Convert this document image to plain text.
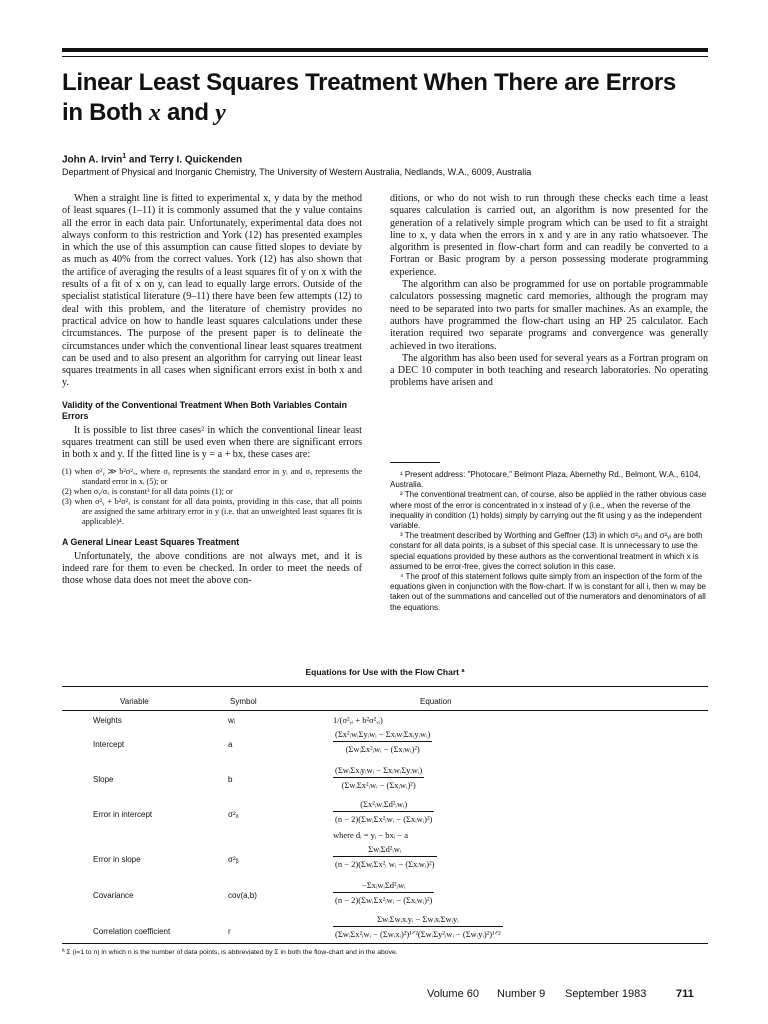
Linear Least Squares Treatment When There are Errors
in Both x and y
John A. Irvin$^1$ and Terry I. Quickenden
Department of Physical and Inorganic Chemistry, The University of Western Australia, Nedlands, W.A., 6009, Australia

When a straight line is fitted to experimental x, y data by the method of least squares (1–11) it is commonly assumed that the y value contains all the error in each data pair. Unfortunately, experimental data does not always conform to this restriction and York (12) has presented examples in which the use of this assumption can cause fitted slopes to deviate by as much as 40% from the correct values. York (12) has also shown that the artifice of averaging the results of a least squares fit of y on x with the results of a fit of x on y, can lead to equally large errors. Outside of the specialist statistical literature (9–11) there have been few attempts (12) to deal with this problem, and the literature of chemistry provides no practical advice on how to handle least squares calculations under these circumstances. The purpose of the present paper is to delineate the circumstances under which the conventional linear least squares treatment can be used and to also present an algorithm for carrying out linear least squares treatments in all cases when significant errors exist in both x and y.

Validity of the Conventional Treatment When Both Variables Contain Errors

It is possible to list three cases² in which the conventional linear least squares treatment can still be used even when there are significant errors in both x and y. If the fitted line is y = a + bx, these cases are:

(1) when σ²ᵧ ≫ b²σ²ₓ, where σᵧ represents the standard error in yᵢ and σₓ represents the standard error in xᵢ (5); or
(2) when σᵧ/σₓ is constant³ for all data points (1); or
(3) when σ²ᵧ + b²σ²ₓ is constant for all data points, providing in this case, that all points are assigned the same arbitrary error in y (i.e. that an unweighted least squares fit is applicable)⁴.
A General Linear Least Squares Treatment

Unfortunately, the above conditions are not always met, and it is indeed rare for them to even be checked. In order to meet the needs of those whose data does not meet the above con-

ditions, or who do not wish to run through these checks each time a least squares calculation is carried out, an algorithm is now presented for the generation of a relatively simple program which can be used to fit a straight line to x, y data when the errors in x and y are in any ratio whatsoever. The algorithm is presented in flow-chart form and can readily be converted to a Fortran or Basic program by a person possessing moderate programming experience.

The algorithm can also be programmed for use on portable programmable calculators possessing magnetic card memories, although the program may need to be separated into two parts for smaller machines. As an example, the authors have programmed the flow-chart using an HP 25 calculator. Each iteration required two separate programs and convergence was generally achieved in two iterations.

The algorithm has also been used for several years as a Fortran program on a DEC 10 computer in both teaching and research laboratories. No operating problems have arisen and

¹ Present address: "Photocare," Belmont Plaza, Abernethy Rd., Belmont, W.A., 6104, Australia.

² The conventional treatment can, of course, also be applied in the rather obvious case where most of the error is concentrated in x instead of y (i.e., when the reverse of the inequality in condition (1) holds) simply by carrying out the fit using y as the independent variable.

³ The treatment described by Worthing and Geffner (13) in which σ²ₓᵢ and σ²ᵧᵢ are both constant for all data points, is a subset of this special case. It is unnecessary to use the special equations provided by these authors as the conventional treatment in which x is assumed to be error-free, gives the correct solution in this case.

⁴ The proof of this statement follows quite simply from an inspection of the form of the equations given in conjunction with the flow-chart. If wᵢ is constant for all i, then wᵢ may be taken out of the summations and cancelled out of the numerators and denominators of all the equations.

Equations for Use with the Flow Chart ª
Variable	Symbol	Equation
Weights	wᵢ	1/(σ²ᵧᵢ + b²σ²ₓᵢ)
Intercept	a	$\frac{\text{(Σx²ᵢwᵢΣyᵢwᵢ − ΣxᵢwᵢΣxᵢyᵢwᵢ)}}{\text{(ΣwᵢΣx²ᵢwᵢ − (Σxᵢwᵢ)²)}}$
Slope	b	$\frac{\text{(ΣwᵢΣxᵢyᵢwᵢ − ΣxᵢwᵢΣyᵢwᵢ)}}{\text{(ΣwᵢΣx²ᵢwᵢ − (Σxᵢwᵢ)²)}}$
Error in intercept	σ²ₐ	$\frac{\text{(Σx²ᵢwᵢΣd²ᵢwᵢ)}}{\text{(n − 2)(ΣwᵢΣx²ᵢwᵢ − (Σxᵢwᵢ)²)}}$
where dᵢ = yᵢ − bxᵢ − a
Error in slope	σ²ᵦ	$\frac{\text{ΣwᵢΣd²ᵢwᵢ}}{\text{(n − 2)(ΣwᵢΣx²ᵢ wᵢ − (Σxᵢwᵢ)²)}}$
Covariance	cov(a,b)	$\frac{\text{−ΣxᵢwᵢΣd²ᵢwᵢ}}{\text{(n − 2)(ΣwᵢΣx²ᵢwᵢ − (Σxᵢwᵢ)²)}}$
Correlation coefficient	r	$\frac{\text{ΣwᵢΣwᵢxᵢyᵢ − ΣwᵢxᵢΣwᵢyᵢ}}{\text{(ΣwᵢΣx²ᵢwᵢ − (Σwᵢxᵢ)²)¹ᐟ²(ΣwᵢΣy²ᵢwᵢ − (Σwᵢyᵢ)²)¹ᐟ²}}$
ª Σ (i=1 to n) in which n is the number of data points, is abbreviated by Σ in both the flow-chart and in the above.
Volume 60 Number 9 September 1983	711
